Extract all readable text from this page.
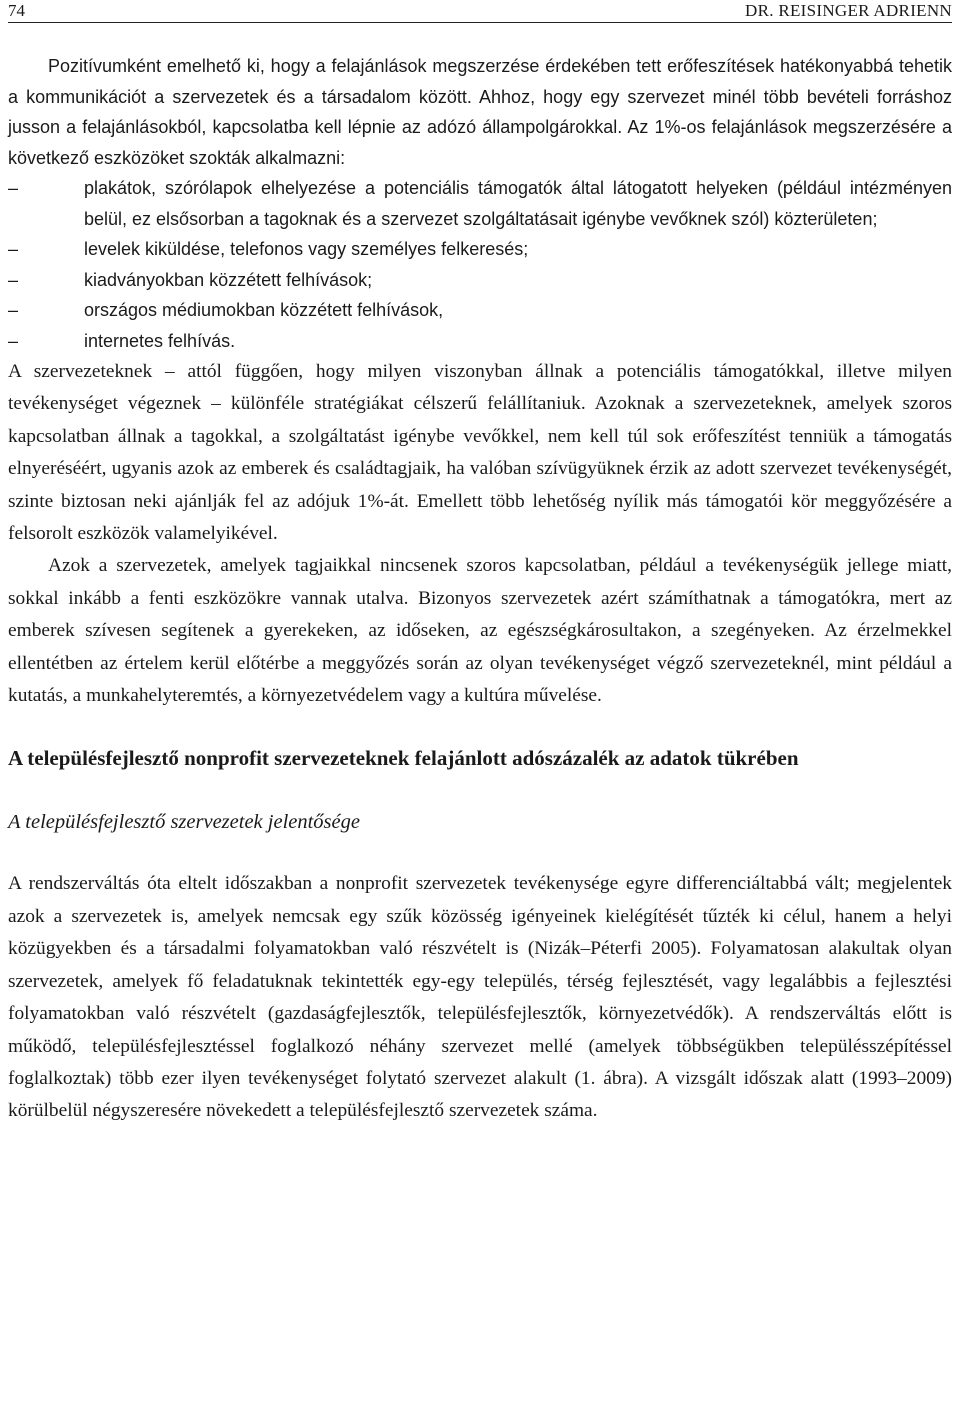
74	DR. REISINGER ADRIENN

Pozitívumként emelhető ki, hogy a felajánlások megszerzése érdekében tett erőfeszítések hatékonyabbá tehetik a kommunikációt a szervezetek és a társadalom között. Ahhoz, hogy egy szervezet minél több bevételi forráshoz jusson a felajánlásokból, kapcsolatba kell lépnie az adózó állampolgárokkal. Az 1%-os felajánlások megszerzésére a következő eszközöket szokták alkalmazni:

–	plakátok, szórólapok elhelyezése a potenciális támogatók által látogatott helyeken (például intézményen belül, ez elsősorban a tagoknak és a szervezet szolgáltatásait igénybe vevőknek szól) közterületen;
–	levelek kiküldése, telefonos vagy személyes felkeresés;
–	kiadványokban közzétett felhívások;
–	országos médiumokban közzétett felhívások,
–	internetes felhívás.

A szervezeteknek – attól függően, hogy milyen viszonyban állnak a potenciális támogatókkal, illetve milyen tevékenységet végeznek – különféle stratégiákat célszerű felállítaniuk. Azoknak a szervezeteknek, amelyek szoros kapcsolatban állnak a tagokkal, a szolgáltatást igénybe vevőkkel, nem kell túl sok erőfeszítést tenniük a támogatás elnyeréséért, ugyanis azok az emberek és családtagjaik, ha valóban szívügyüknek érzik az adott szervezet tevékenységét, szinte biztosan neki ajánlják fel az adójuk 1%-át. Emellett több lehetőség nyílik más támogatói kör meggyőzésére a felsorolt eszközök valamelyikével.

Azok a szervezetek, amelyek tagjaikkal nincsenek szoros kapcsolatban, például a tevékenységük jellege miatt, sokkal inkább a fenti eszközökre vannak utalva. Bizonyos szervezetek azért számíthatnak a támogatókra, mert az emberek szívesen segítenek a gyerekeken, az időseken, az egészségkárosultakon, a szegényeken. Az érzelmekkel ellentétben az értelem kerül előtérbe a meggyőzés során az olyan tevékenységet végző szervezeteknél, mint például a kutatás, a munkahelyteremtés, a környezetvédelem vagy a kultúra művelése.

A településfejlesztő nonprofit szervezeteknek felajánlott adószázalék az adatok tükrében
A településfejlesztő szervezetek jelentősége

A rendszerváltás óta eltelt időszakban a nonprofit szervezetek tevékenysége egyre differenciáltabbá vált; megjelentek azok a szervezetek is, amelyek nemcsak egy szűk közösség igényeinek kielégítését tűzték ki célul, hanem a helyi közügyekben és a társadalmi folyamatokban való részvételt is (Nizák–Péterfi 2005). Folyamatosan alakultak olyan szervezetek, amelyek fő feladatuknak tekintették egy-egy település, térség fejlesztését, vagy legalábbis a fejlesztési folyamatokban való részvételt (gazdaságfejlesztők, településfejlesztők, környezetvédők). A rendszerváltás előtt is működő, településfejlesztéssel foglalkozó néhány szervezet mellé (amelyek többségükben településszépítéssel foglalkoztak) több ezer ilyen tevékenységet folytató szervezet alakult (1. ábra). A vizsgált időszak alatt (1993–2009) körülbelül négyszeresére növekedett a településfejlesztő szervezetek száma.
